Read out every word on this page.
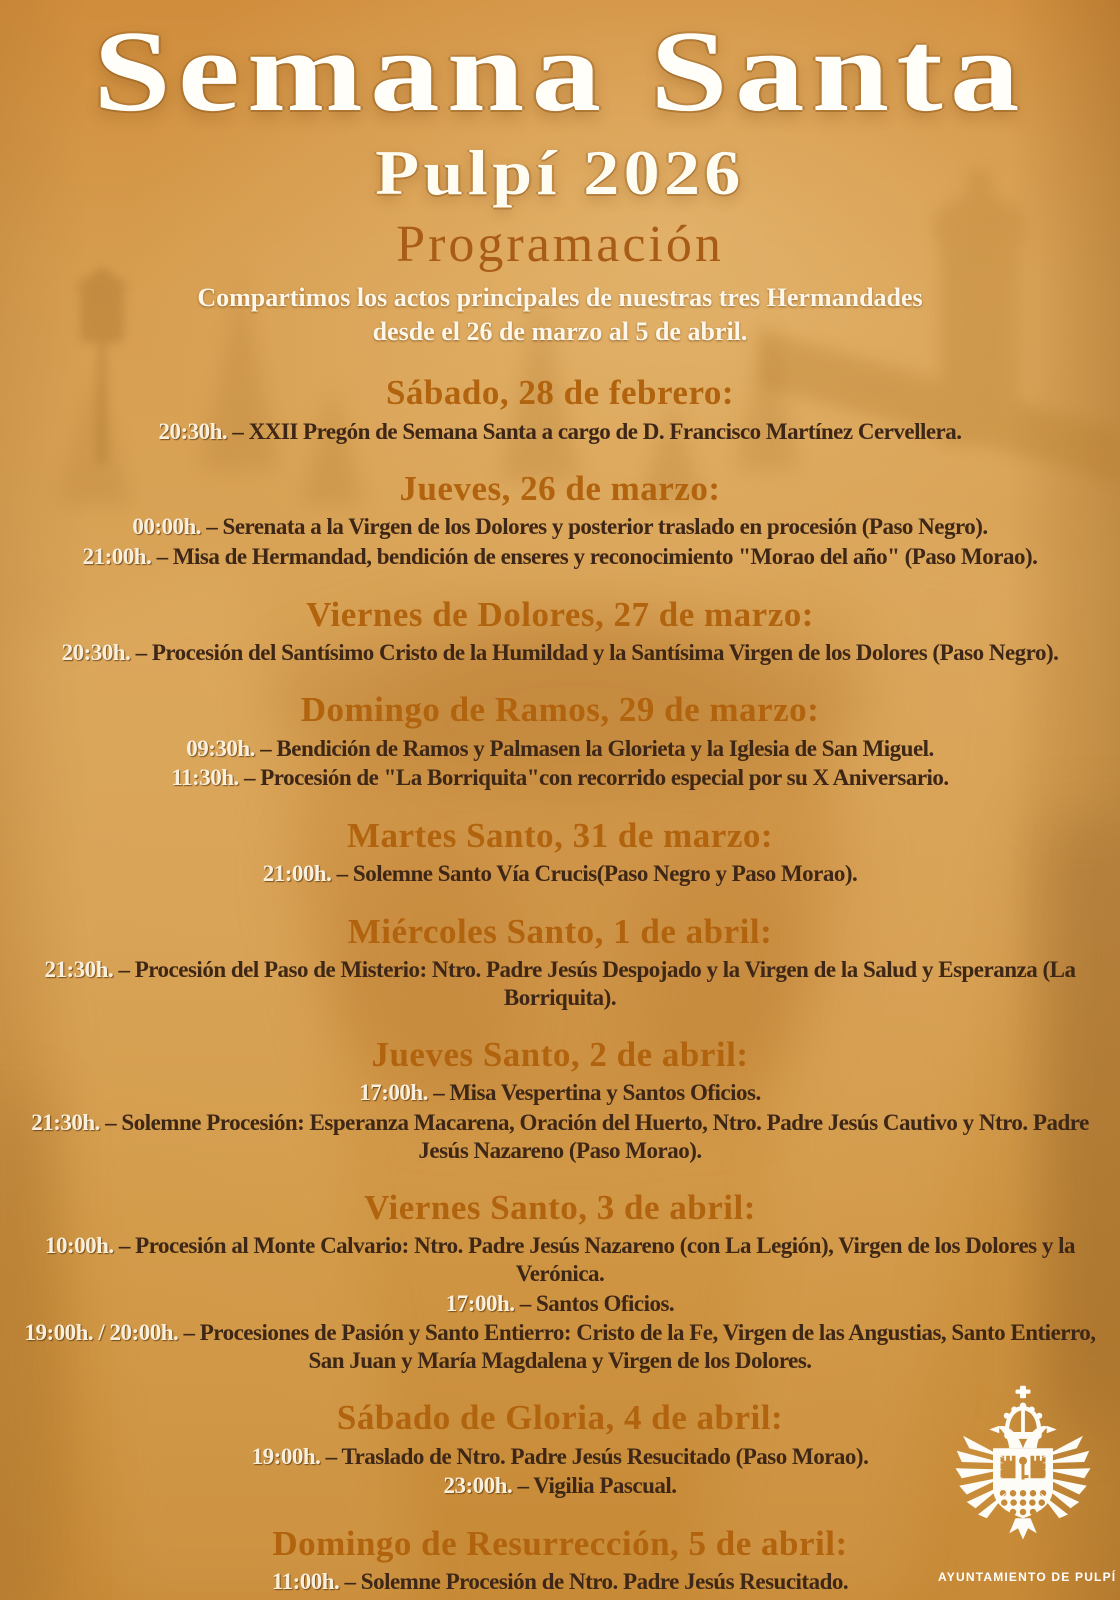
Semana Santa
Pulpí 2026
Programación

Compartimos los actos principales de nuestras tres Hermandades
desde el 26 de marzo al 5 de abril.

Sábado, 28 de febrero:

20:30h. – XXII Pregón de Semana Santa a cargo de D. Francisco Martínez Cervellera.

Jueves, 26 de marzo:

00:00h. – Serenata a la Virgen de los Dolores y posterior traslado en procesión (Paso Negro).

21:00h. – Misa de Hermandad, bendición de enseres y reconocimiento "Morao del año" (Paso Morao).

Viernes de Dolores, 27 de marzo:

20:30h. – Procesión del Santísimo Cristo de la Humildad y la Santísima Virgen de los Dolores (Paso Negro).

Domingo de Ramos, 29 de marzo:

09:30h. – Bendición de Ramos y Palmasen la Glorieta y la Iglesia de San Miguel.

11:30h. – Procesión de "La Borriquita"con recorrido especial por su X Aniversario.

Martes Santo, 31 de marzo:

21:00h. – Solemne Santo Vía Crucis(Paso Negro y Paso Morao).

Miércoles Santo, 1 de abril:

21:30h. – Procesión del Paso de Misterio: Ntro. Padre Jesús Despojado y la Virgen de la Salud y Esperanza (La Borriquita).

Jueves Santo, 2 de abril:

17:00h. – Misa Vespertina y Santos Oficios.

21:30h. – Solemne Procesión: Esperanza Macarena, Oración del Huerto, Ntro. Padre Jesús Cautivo y Ntro. Padre Jesús Nazareno (Paso Morao).

Viernes Santo, 3 de abril:

10:00h. – Procesión al Monte Calvario: Ntro. Padre Jesús Nazareno (con La Legión), Virgen de los Dolores y la Verónica.

17:00h. – Santos Oficios.

19:00h. / 20:00h. – Procesiones de Pasión y Santo Entierro: Cristo de la Fe, Virgen de las Angustias, Santo Entierro, San Juan y María Magdalena y Virgen de los Dolores.

Sábado de Gloria, 4 de abril:

19:00h. – Traslado de Ntro. Padre Jesús Resucitado (Paso Morao).

23:00h. – Vigilia Pascual.

Domingo de Resurrección, 5 de abril:

11:00h. – Solemne Procesión de Ntro. Padre Jesús Resucitado.	AYUNTAMIENTO DE PULPÍ
